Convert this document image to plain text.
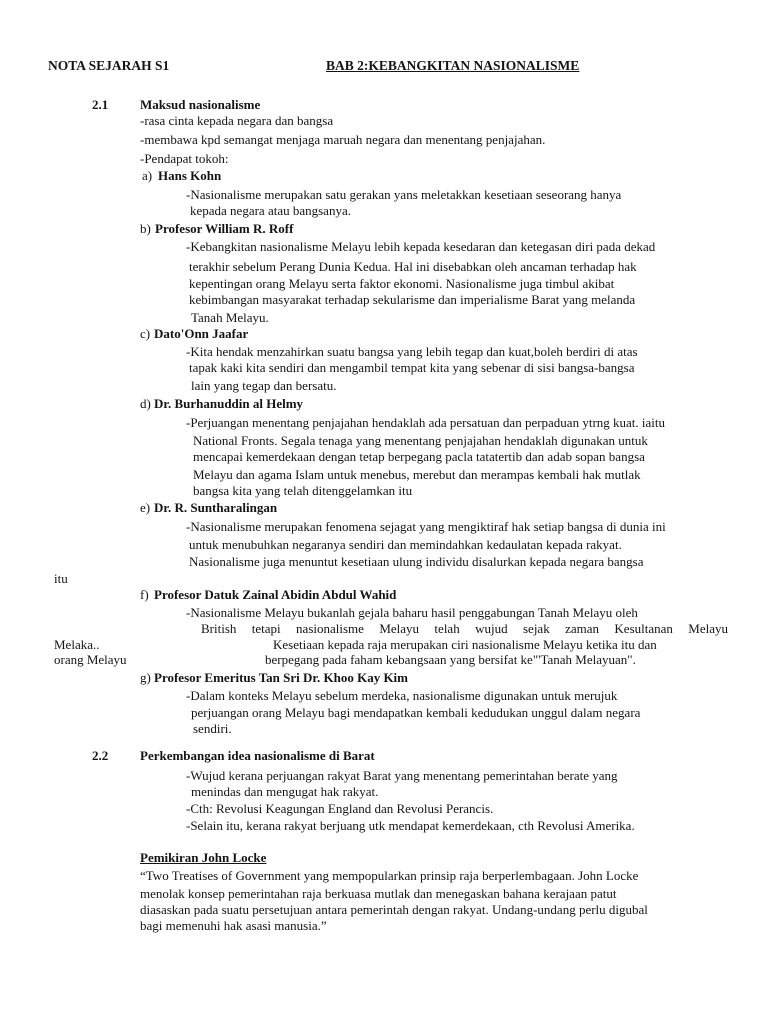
NOTA SEJARAH S1	BAB 2:KEBANGKITAN NASIONALISME
2.1 Maksud nasionalisme
-rasa cinta kepada negara dan bangsa
-membawa kpd semangat menjaga maruah negara dan menentang penjajahan.
-Pendapat tokoh:
a) Hans Kohn
-Nasionalisme merupakan satu gerakan yans meletakkan kesetiaan seseorang hanya
kepada negara atau bangsanya.
b) Profesor William R. Roff
-Kebangkitan nasionalisme Melayu lebih kepada kesedaran dan ketegasan diri pada dekad
terakhir sebelum Perang Dunia Kedua. Hal ini disebabkan oleh ancaman terhadap hak
kepentingan orang Melayu serta faktor ekonomi. Nasionalisme juga timbul akibat
kebimbangan masyarakat terhadap sekularisme dan imperialisme Barat yang melanda
Tanah Melayu.
c) Dato'Onn Jaafar
-Kita hendak menzahirkan suatu bangsa yang lebih tegap dan kuat,boleh berdiri di atas
tapak kaki kita sendiri dan mengambil tempat kita yang sebenar di sisi bangsa-bangsa
lain yang tegap dan bersatu.
d) Dr. Burhanuddin al Helmy
-Perjuangan menentang penjajahan hendaklah ada persatuan dan perpaduan ytrng kuat. iaitu
National Fronts. Segala tenaga yang menentang penjajahan hendaklah digunakan untuk
mencapai kemerdekaan dengan tetap berpegang pacla tatatertib dan adab sopan bangsa
Melayu dan agama Islam untuk menebus, merebut dan merampas kembali hak mutlak
bangsa kita yang telah ditenggelamkan itu
e) Dr. R. Suntharalingan
-Nasionalisme merupakan fenomena sejagat yang mengiktiraf hak setiap bangsa di dunia ini
untuk menubuhkan negaranya sendiri dan memindahkan kedaulatan kepada rakyat.
Nasionalisme juga menuntut kesetiaan ulung individu disalurkan kepada negara bangsa
itu
f) Profesor Datuk Zainal Abidin Abdul Wahid
-Nasionalisme Melayu bukanlah gejala baharu hasil penggabungan Tanah Melayu oleh
British tetapi nasionalisme Melayu telah wujud sejak zaman Kesultanan Melayu
Melaka..	Kesetiaan kepada raja merupakan ciri nasionalisme Melayu ketika itu dan
orang Melayu	berpegang pada faham kebangsaan yang bersifat ke"'Tanah Melayuan".
g) Profesor Emeritus Tan Sri Dr. Khoo Kay Kim
-Dalam konteks Melayu sebelum merdeka, nasionalisme digunakan untuk merujuk
perjuangan orang Melayu bagi mendapatkan kembali kedudukan unggul dalam negara
sendiri.
2.2 Perkembangan idea nasionalisme di Barat
-Wujud kerana perjuangan rakyat Barat yang menentang pemerintahan berate yang
menindas dan mengugat hak rakyat.
-Cth: Revolusi Keagungan England dan Revolusi Perancis.
-Selain itu, kerana rakyat berjuang utk mendapat kemerdekaan, cth Revolusi Amerika.
Pemikiran John Locke
“Two Treatises of Government yang mempopularkan prinsip raja berperlembagaan. John Locke
menolak konsep pemerintahan raja berkuasa mutlak dan menegaskan bahana kerajaan patut
diasaskan pada suatu persetujuan antara pemerintah dengan rakyat. Undang-undang perlu digubal
bagi memenuhi hak asasi manusia.”
